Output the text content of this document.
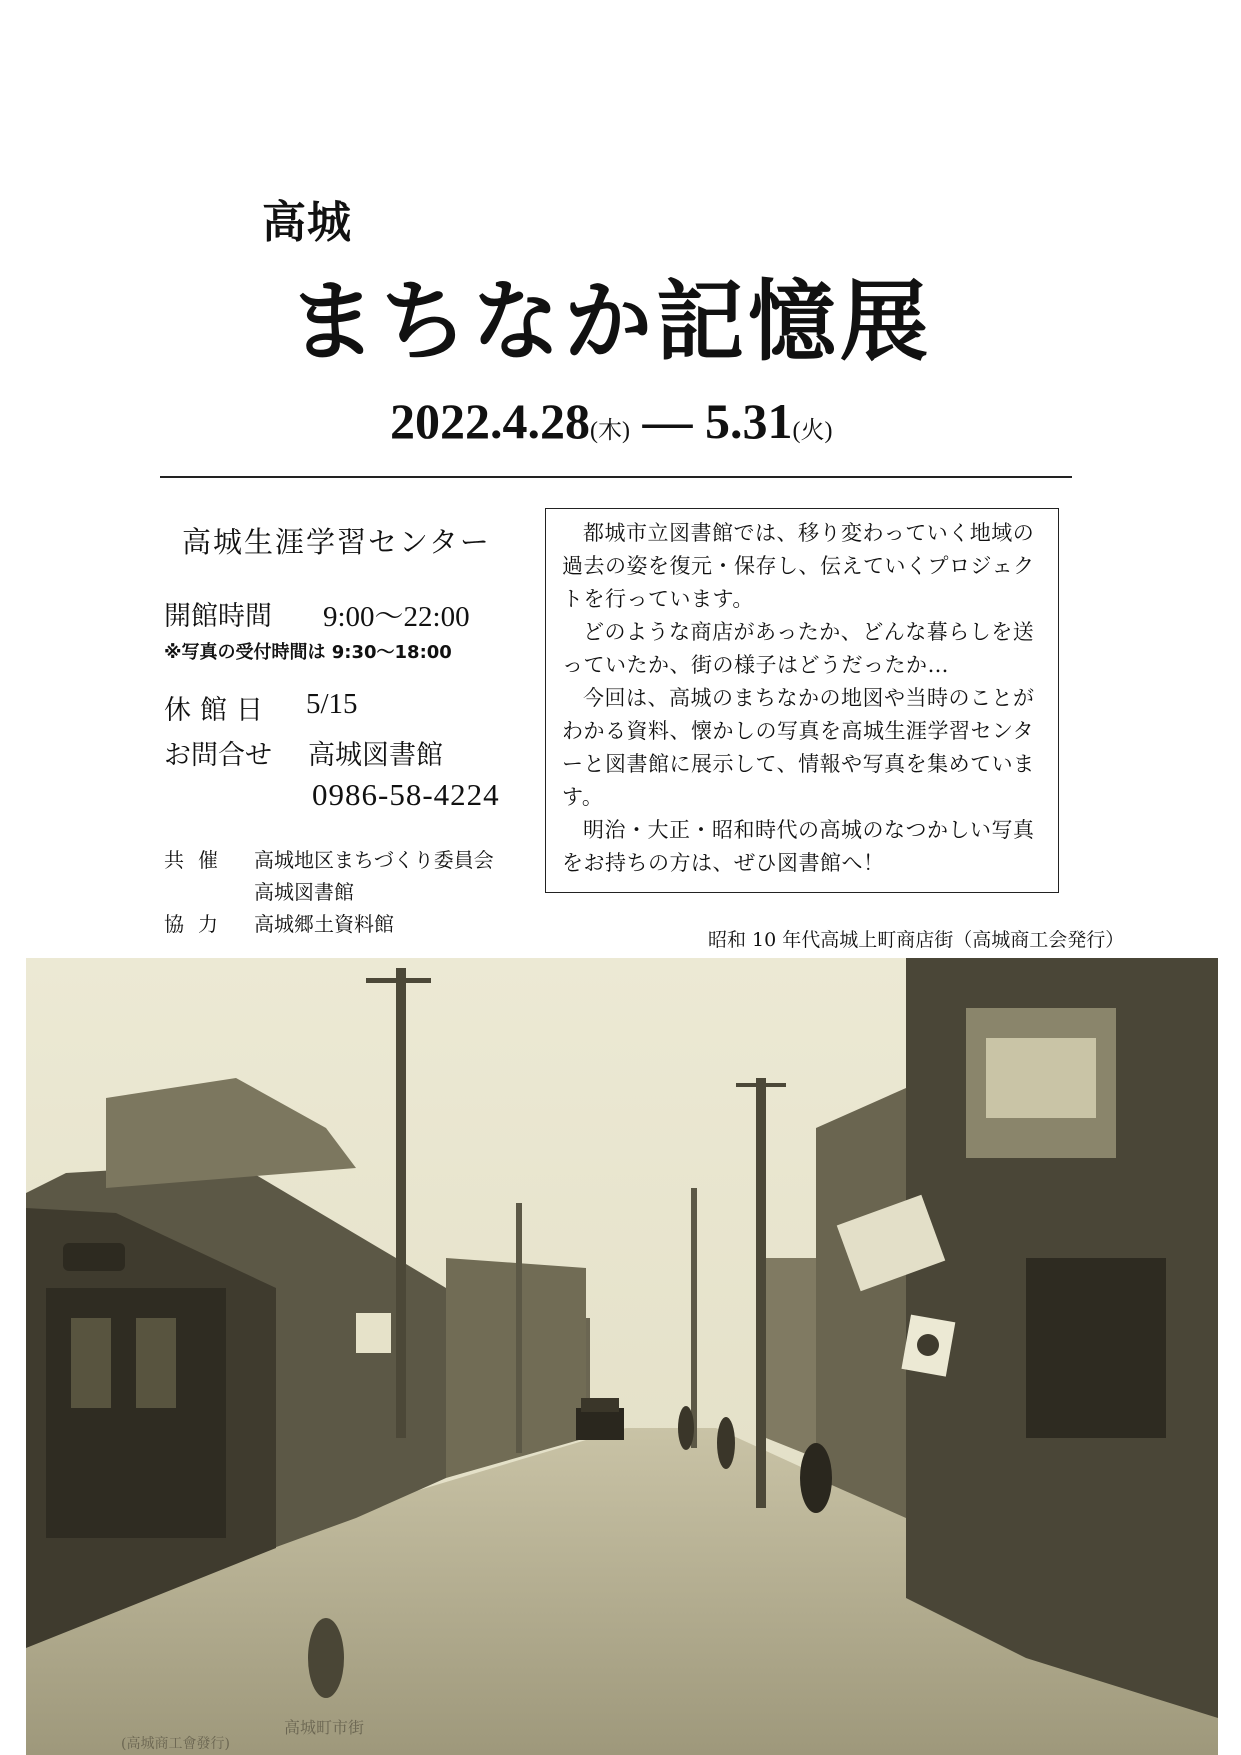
高城
まちなか記憶展
2022.4.28(木) ― 5.31(火)
高城生涯学習センター
開館時間 9:00～22:00
※写真の受付時間は 9:30～18:00
休館日 5/15
お問合せ 高城図書館
0986-58-4224
共催 高城地区まちづくり委員会
高城図書館
協力 高城郷土資料館

都城市立図書館では、移り変わっていく地域の過去の姿を復元・保存し、伝えていくプロジェクトを行っています。

どのような商店があったか、どんな暮らしを送っていたか、街の様子はどうだったか…

今回は、高城のまちなかの地図や当時のことがわかる資料、懐かしの写真を高城生涯学習センターと図書館に展示して、情報や写真を集めています。

明治・大正・昭和時代の高城のなつかしい写真をお持ちの方は、ぜひ図書館へ！

昭和 10 年代高城上町商店街（高城商工会発行）
高城町市街
(高城商工會發行)
